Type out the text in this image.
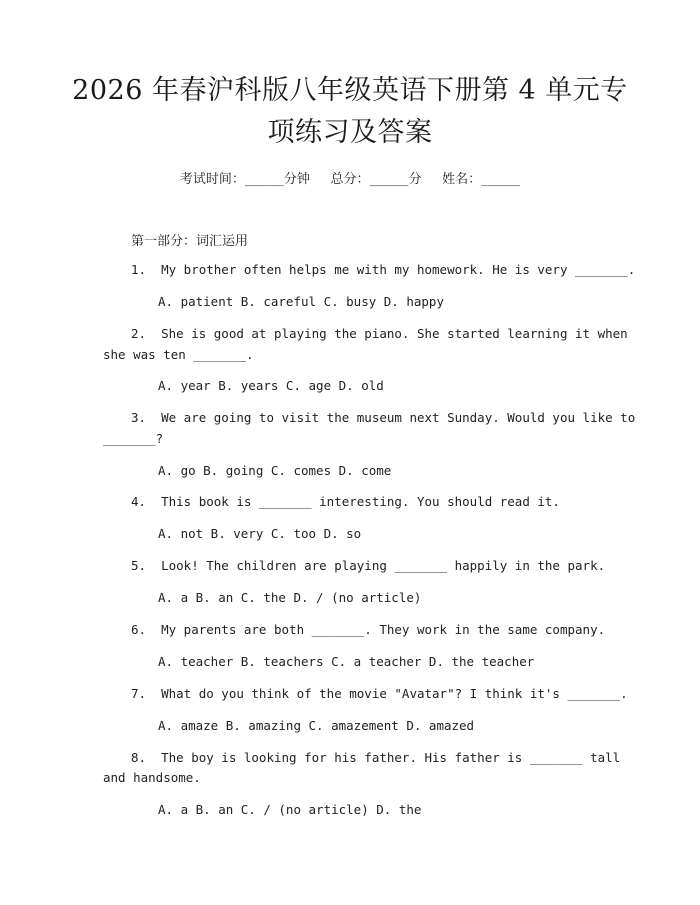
2026 年春沪科版八年级英语下册第 4 单元专
项练习及答案
考试时间：______分钟     总分：______分     姓名：______
第一部分：词汇运用
1.  My brother often helps me with my homework. He is very _______.
A. patient B. careful C. busy D. happy
2.  She is good at playing the piano. She started learning it when
she was ten _______.
A. year B. years C. age D. old
3.  We are going to visit the museum next Sunday. Would you like to
_______?
A. go B. going C. comes D. come
4.  This book is _______ interesting. You should read it.
A. not B. very C. too D. so
5.  Look! The children are playing _______ happily in the park.
A. a B. an C. the D. / (no article)
6.  My parents are both _______. They work in the same company.
A. teacher B. teachers C. a teacher D. the teacher
7.  What do you think of the movie "Avatar"? I think it's _______.
A. amaze B. amazing C. amazement D. amazed
8.  The boy is looking for his father. His father is _______ tall
and handsome.
A. a B. an C. / (no article) D. the
